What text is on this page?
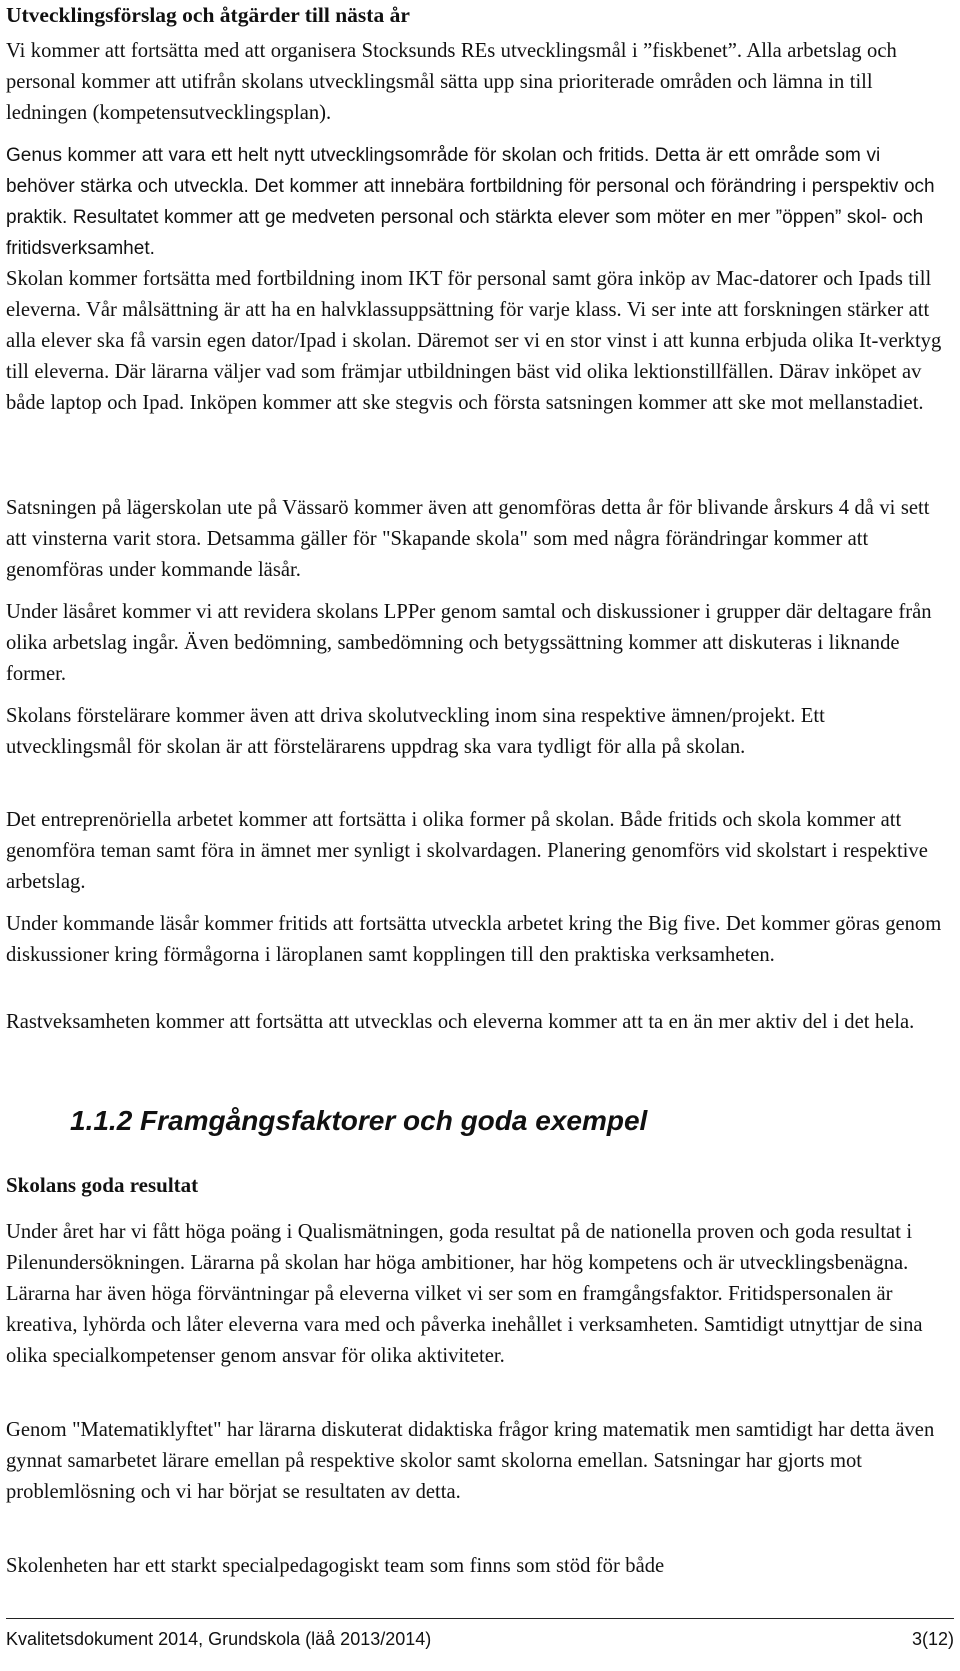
Utvecklingsförslag och åtgärder till nästa år

Vi kommer att fortsätta med att organisera Stocksunds REs utvecklingsmål i ”fiskbenet”. Alla arbetslag och personal kommer att utifrån skolans utvecklingsmål sätta upp sina prioriterade områden och lämna in till ledningen (kompetensutvecklingsplan).

Genus kommer att vara ett helt nytt utvecklingsområde för skolan och fritids. Detta är ett område som vi behöver stärka och utveckla. Det kommer att innebära fortbildning för personal och förändring i perspektiv och praktik. Resultatet kommer att ge medveten personal och stärkta elever som möter en mer ”öppen” skol- och fritidsverksamhet.

Skolan kommer fortsätta med fortbildning inom IKT för personal samt göra inköp av Mac-datorer och Ipads till eleverna. Vår målsättning är att ha en halvklassuppsättning för varje klass. Vi ser inte att forskningen stärker att alla elever ska få varsin egen dator/Ipad i skolan. Däremot ser vi en stor vinst i att kunna erbjuda olika It-verktyg till eleverna. Där lärarna väljer vad som främjar utbildningen bäst vid olika lektionstillfällen. Därav inköpet av både laptop och Ipad. Inköpen kommer att ske stegvis och första satsningen kommer att ske mot mellanstadiet.

Satsningen på lägerskolan ute på Vässarö kommer även att genomföras detta år för blivande årskurs 4 då vi sett att vinsterna varit stora. Detsamma gäller för "Skapande skola" som med några förändringar kommer att genomföras under kommande läsår.

Under läsåret kommer vi att revidera skolans LPPer genom samtal och diskussioner i grupper där deltagare från olika arbetslag ingår. Även bedömning, sambedömning och betygssättning kommer att diskuteras i liknande former.

Skolans förstelärare kommer även att driva skolutveckling inom sina respektive ämnen/projekt. Ett utvecklingsmål för skolan är att förstelärarens uppdrag ska vara tydligt för alla på skolan.

Det entreprenöriella arbetet kommer att fortsätta i olika former på skolan. Både fritids och skola kommer att genomföra teman samt föra in ämnet mer synligt i skolvardagen. Planering genomförs vid skolstart i respektive arbetslag.

Under kommande läsår kommer fritids att fortsätta utveckla arbetet kring the Big five. Det kommer göras genom diskussioner kring förmågorna i läroplanen samt kopplingen till den praktiska verksamheten.

Rastveksamheten kommer att fortsätta att utvecklas och eleverna kommer att ta en än mer aktiv del i det hela.

1.1.2 Framgångsfaktorer och goda exempel
Skolans goda resultat

Under året har vi fått höga poäng i Qualismätningen, goda resultat på de nationella proven och goda resultat i Pilenundersökningen. Lärarna på skolan har höga ambitioner, har hög kompetens och är utvecklingsbenägna. Lärarna har även höga förväntningar på eleverna vilket vi ser som en framgångsfaktor. Fritidspersonalen är kreativa, lyhörda och låter eleverna vara med och påverka inehållet i verksamheten. Samtidigt utnyttjar de sina olika specialkompetenser genom ansvar för olika aktiviteter.

Genom "Matematiklyftet" har lärarna diskuterat didaktiska frågor kring matematik men samtidigt har detta även gynnat samarbetet lärare emellan på respektive skolor samt skolorna emellan. Satsningar har gjorts mot problemlösning och vi har börjat se resultaten av detta.

Skolenheten har ett starkt specialpedagogiskt team som finns som stöd för både

Kvalitetsdokument 2014, Grundskola (läå 2013/2014)	3(12)
